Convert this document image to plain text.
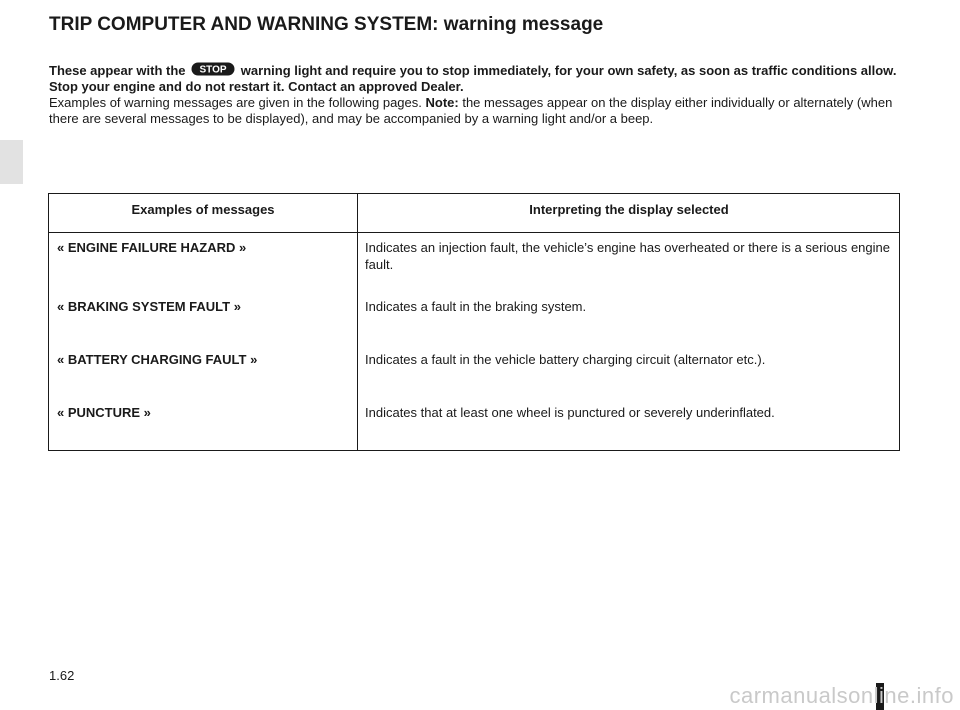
TRIP COMPUTER AND WARNING SYSTEM: warning message

These appear with the STOP warning light and require you to stop immediately, for your own safety, as soon as traffic conditions allow. Stop your engine and do not restart it. Contact an approved Dealer.
Examples of warning messages are given in the following pages. Note: the messages appear on the display either individually or alternately (when there are several messages to be displayed), and may be accompanied by a warning light and/or a beep.

Examples of messages	Interpreting the display selected
« ENGINE FAILURE HAZARD »	Indicates an injection fault, the vehicle’s engine has overheated or there is a serious engine fault.
« BRAKING SYSTEM FAULT »	Indicates a fault in the braking system.
« BATTERY CHARGING FAULT »	Indicates a fault in the vehicle battery charging circuit (alternator etc.).
« PUNCTURE »	Indicates that at least one wheel is punctured or severely underinflated.
1.62
carmanualsonline.info
